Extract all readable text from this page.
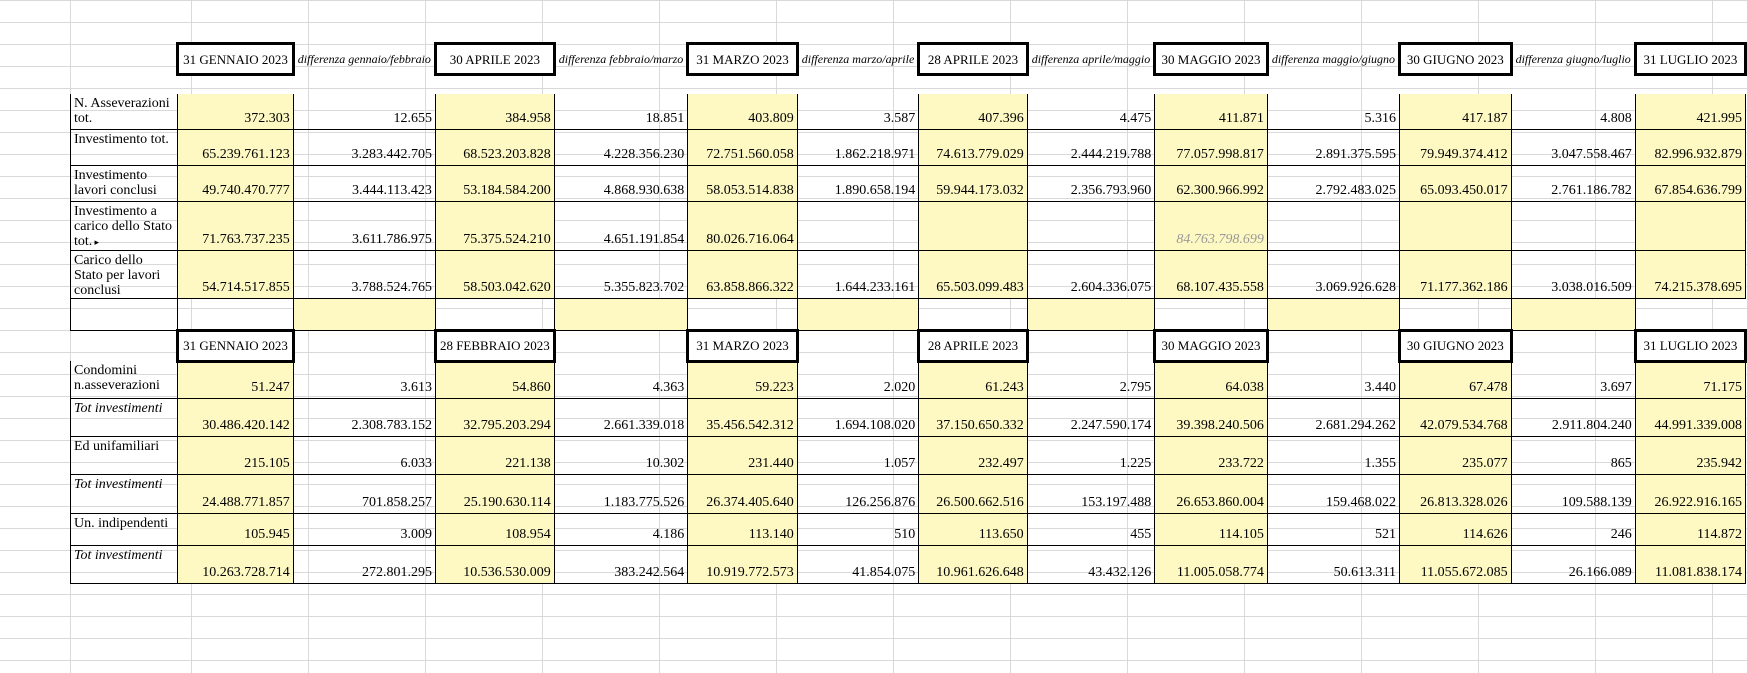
	31 GENNAIO 2023	differenza gennaio/febbraio	30 APRILE 2023	differenza febbraio/marzo	31 MARZO 2023	differenza marzo/aprile	28 APRILE 2023	differenza aprile/maggio	30 MAGGIO 2023	differenza maggio/giugno	30 GIUGNO 2023	differenza giugno/luglio	31 LUGLIO 2023

N. Asseverazioni tot.	372.303	12.655	384.958	18.851	403.809	3.587	407.396	4.475	411.871	5.316	417.187	4.808	421.995
Investimento tot.	65.239.761.123	3.283.442.705	68.523.203.828	4.228.356.230	72.751.560.058	1.862.218.971	74.613.779.029	2.444.219.788	77.057.998.817	2.891.375.595	79.949.374.412	3.047.558.467	82.996.932.879
Investimento lavori conclusi	49.740.470.777	3.444.113.423	53.184.584.200	4.868.930.638	58.053.514.838	1.890.658.194	59.944.173.032	2.356.793.960	62.300.966.992	2.792.483.025	65.093.450.017	2.761.186.782	67.854.636.799
Investimento a carico dello Stato tot. ▸	71.763.737.235	3.611.786.975	75.375.524.210	4.651.191.854	80.026.716.064				84.763.798.699				
Carico dello Stato per lavori conclusi	54.714.517.855	3.788.524.765	58.503.042.620	5.355.823.702	63.858.866.322	1.644.233.161	65.503.099.483	2.604.336.075	68.107.435.558	3.069.926.628	71.177.362.186	3.038.016.509	74.215.378.695

	31 GENNAIO 2023		28 FEBBRAIO 2023		31 MARZO 2023		28 APRILE 2023		30 MAGGIO 2023		30 GIUGNO 2023		31 LUGLIO 2023
Condomini n.asseverazioni	51.247	3.613	54.860	4.363	59.223	2.020	61.243	2.795	64.038	3.440	67.478	3.697	71.175
Tot investimenti	30.486.420.142	2.308.783.152	32.795.203.294	2.661.339.018	35.456.542.312	1.694.108.020	37.150.650.332	2.247.590.174	39.398.240.506	2.681.294.262	42.079.534.768	2.911.804.240	44.991.339.008
Ed unifamiliari	215.105	6.033	221.138	10.302	231.440	1.057	232.497	1.225	233.722	1.355	235.077	865	235.942
Tot investimenti	24.488.771.857	701.858.257	25.190.630.114	1.183.775.526	26.374.405.640	126.256.876	26.500.662.516	153.197.488	26.653.860.004	159.468.022	26.813.328.026	109.588.139	26.922.916.165
Un. indipendenti	105.945	3.009	108.954	4.186	113.140	510	113.650	455	114.105	521	114.626	246	114.872
Tot investimenti	10.263.728.714	272.801.295	10.536.530.009	383.242.564	10.919.772.573	41.854.075	10.961.626.648	43.432.126	11.005.058.774	50.613.311	11.055.672.085	26.166.089	11.081.838.174
